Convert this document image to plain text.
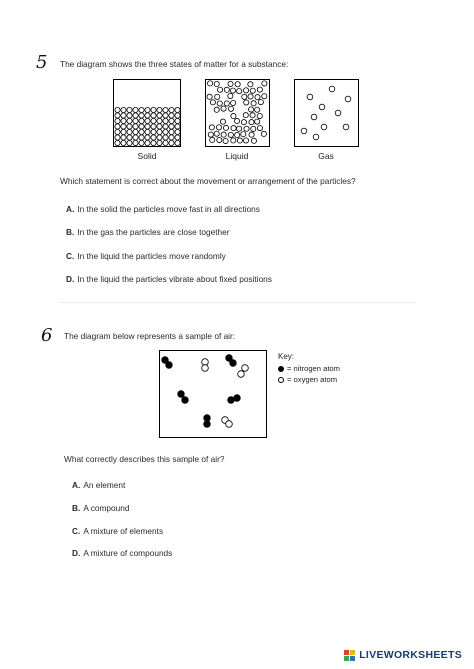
5 The diagram shows the three states of matter for a substance:
Solid	Liquid	Gas
Which statement is correct about the movement or arrangement of the particles?
A. In the solid the particles move fast in all directions
B. In the gas the particles are close together
C. In the liquid the particles move randomly
D. In the liquid the particles vibrate about fixed positions
6 The diagram below represents a sample of air:
Key:
= nitrogen atom
= oxygen atom
What correctly describes this sample of air?
A. An element
B. A compound
C. A mixture of elements
D. A mixture of compounds
LIVEWORKSHEETS
